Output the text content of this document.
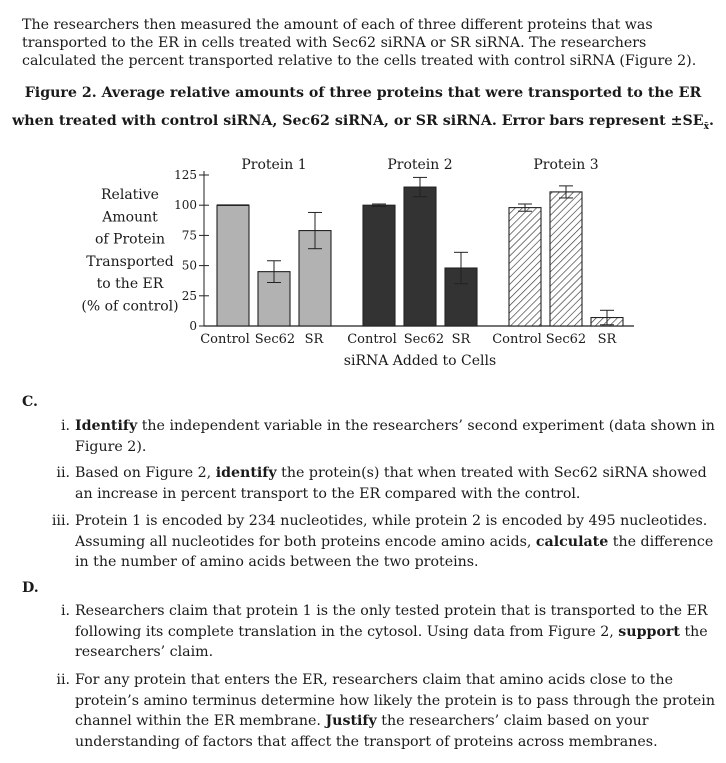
The researchers then measured the amount of each of three different proteins that was transported to the ER in cells treated with Sec62 siRNA or SR siRNA. The researchers calculated the percent transported relative to the cells treated with control siRNA (Figure 2).
Figure 2. Average relative amounts of three proteins that were transported to the ER when treated with control siRNA, Sec62 siRNA, or SR siRNA. Error bars represent $\pm SE_{x̄}$.
0
25
50
75
100
125
Relative
Amount
of Protein
Transported
to the ER
(% of control)
Protein 1
Control Sec62 SR
Protein 2
Control Sec62 SR
Protein 3
Control Sec62 SR
siRNA Added to Cells
C.
i. Identify the independent variable in the researchers’ second experiment (data shown in Figure 2).
ii. Based on Figure 2, identify the protein(s) that when treated with Sec62 siRNA showed an increase in percent transport to the ER compared with the control.
iii. Protein 1 is encoded by 234 nucleotides, while protein 2 is encoded by 495 nucleotides. Assuming all nucleotides for both proteins encode amino acids, calculate the difference in the number of amino acids between the two proteins.
D.
i. Researchers claim that protein 1 is the only tested protein that is transported to the ER following its complete translation in the cytosol. Using data from Figure 2, support the researchers’ claim.
ii. For any protein that enters the ER, researchers claim that amino acids close to the protein’s amino terminus determine how likely the protein is to pass through the protein channel within the ER membrane. Justify the researchers’ claim based on your understanding of factors that affect the transport of proteins across membranes.
